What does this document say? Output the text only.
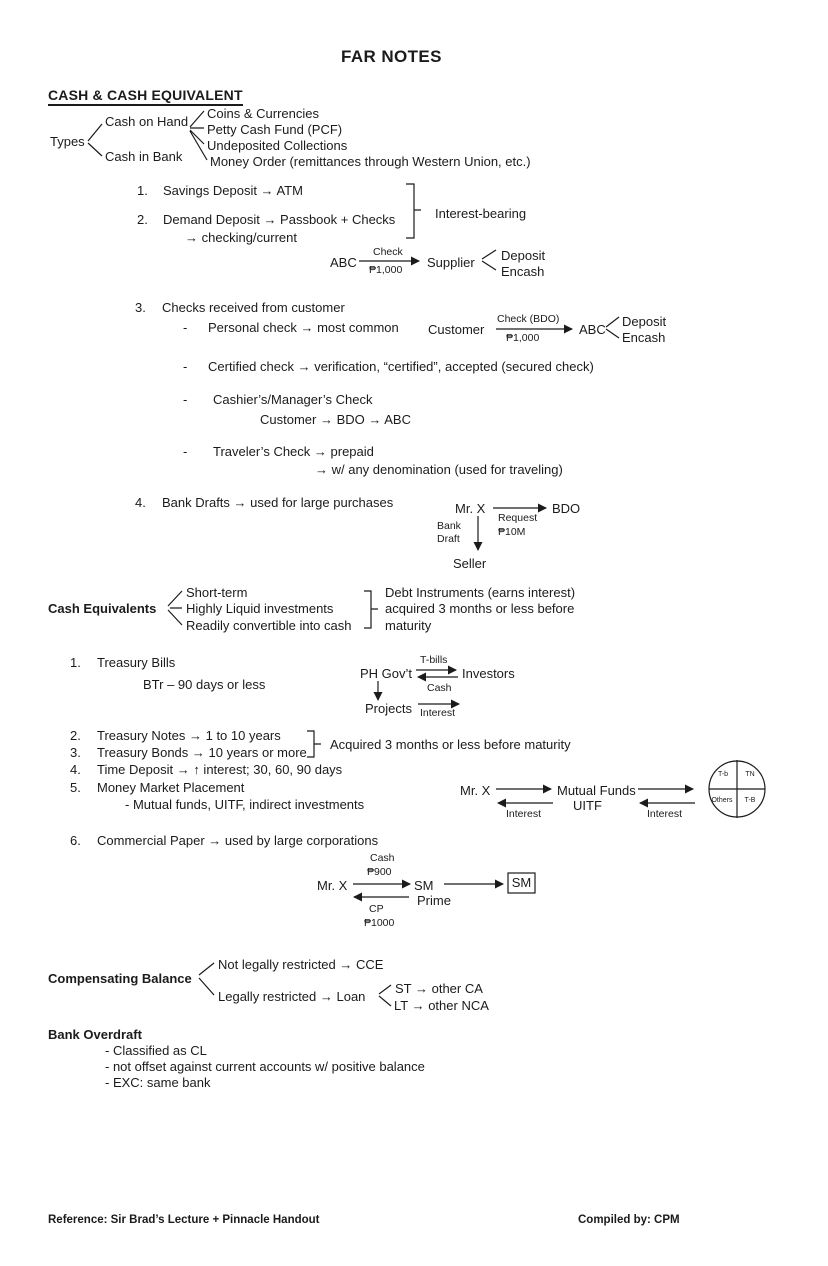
FAR NOTES
CASH & CASH EQUIVALENT
Types
Cash on Hand
Cash in Bank
Coins & Currencies
Petty Cash Fund (PCF)
Undeposited Collections
Money Order (remittances through Western Union, etc.)
1. Savings Deposit → ATM
2. Demand Deposit → Passbook + Checks
→ checking/current
Interest-bearing
ABC
Check
₱1,000 Supplier Deposit
Encash
3. Checks received from customer
- Personal check → most common Customer
Check (BDO)
₱1,000
ABC
Deposit
Encash
- Certified check → verification, “certified”, accepted (secured check)
- Cashier’s/Manager’s Check
Customer → BDO → ABC
- Traveler’s Check → prepaid
→ w/ any denomination (used for traveling)
4. Bank Drafts → used for large purchases	Mr. X	BDO
Request
₱10M
Bank
Draft
Seller
Cash Equivalents
Short-term
Highly Liquid investments
Readily convertible into cash
Debt Instruments (earns interest)
acquired 3 months or less before
maturity
1. Treasury Bills
BTr – 90 days or less
PH Gov’t
T-bills
Investors
Cash
Projects Interest
2. Treasury Notes → 1 to 10 years
3. Treasury Bonds → 10 years or more
Acquired 3 months or less before maturity
4. Time Deposit → ↑ interest; 30, 60, 90 days
5. Money Market Placement
- Mutual funds, UITF, indirect investments
Mr. X	Mutual Funds
UITF
Interest	Interest
T-b TN
Others T-B
6. Commercial Paper → used by large corporations
Cash
₱900
Mr. X	SM
Prime
CP
₱1000
SM
Compensating Balance
Not legally restricted → CCE
Legally restricted → Loan
ST → other CA
LT → other NCA
Bank Overdraft
- Classified as CL
- not offset against current accounts w/ positive balance
- EXC: same bank
Reference: Sir Brad’s Lecture + Pinnacle Handout	Compiled by: CPM
